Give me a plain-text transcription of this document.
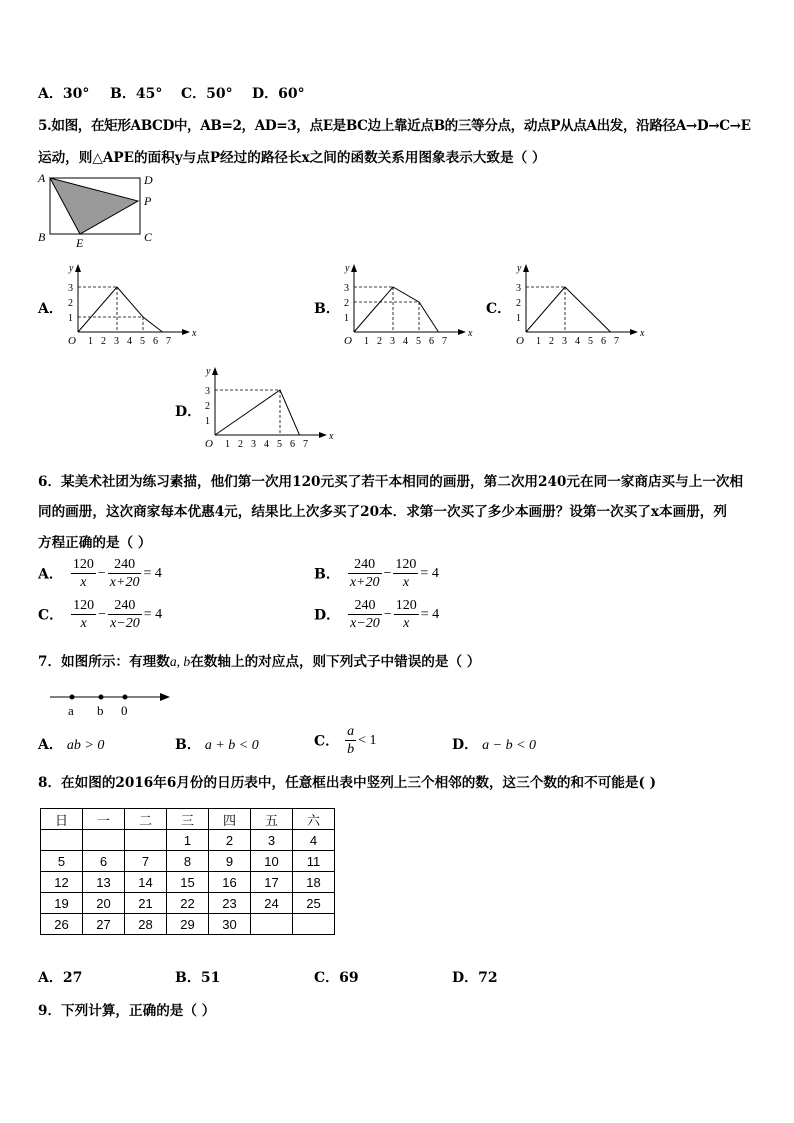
A．30° B．45° C．50° D．60°
5.如图，在矩形ABCD中，AB=2，AD=3，点E是BC边上靠近点B的三等分点，动点P从点A出发，沿路径A→D→C→E
运动，则△APE的面积y与点P经过的路径长x之间的函数关系用图象表示大致是（ ）
A	D
P
B	C
E
A．
y
x
O 1 2 3 4 5 6 7
1
2
3
B．
y
x
O 1 2 3 4 5 6 7
1
2
3
C．
y
x
O 1 2 3 4 5 6 7
1
2
3
D．
y
x
O 1 2 3 4 5 6 7
1
2
3
6．某美术社团为练习素描，他们第一次用120元买了若干本相同的画册，第二次用240元在同一家商店买与上一次相
同的画册，这次商家每本优惠4元，结果比上次多买了20本．求第一次买了多少本画册？设第一次买了x本画册，列
方程正确的是（ ）
A． $\frac{120}{x} - \frac{240}{x+20} = 4$	B． $\frac{240}{x+20} - \frac{120}{x} = 4$
C． $\frac{120}{x} - \frac{240}{x-20} = 4$	D． $\frac{240}{x-20} - \frac{120}{x} = 4$
7．如图所示：有理数a, b在数轴上的对应点，则下列式子中错误的是（ ）
a b 0
A． ab > 0	B． a + b < 0	C． $\frac{a}{b} < 1$	D． a − b < 0
8．在如图的2016年6月份的日历表中，任意框出表中竖列上三个相邻的数，这三个数的和不可能是( )
日	一	二	三	四	五	六
			1	2	3	4
5	6	7	8	9	10	11
12	13	14	15	16	17	18
19	20	21	22	23	24	25
26	27	28	29	30		
A．27	B．51	C．69	D．72
9．下列计算，正确的是（ ）
